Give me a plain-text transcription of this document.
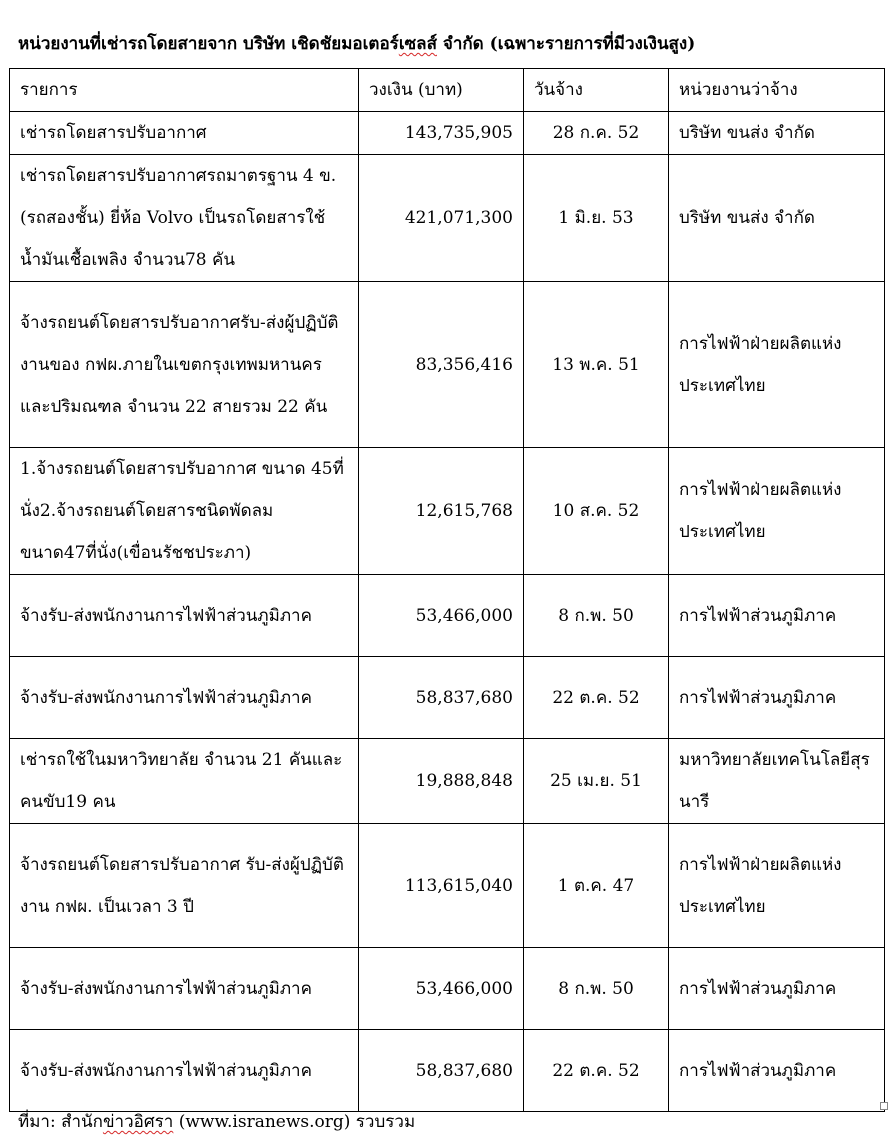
หน่วยงานที่เช่ารถโดยสายจาก บริษัท เชิดชัยมอเตอร์เซลส์ จำกัด (เฉพาะรายการที่มีวงเงินสูง)
รายการ	วงเงิน (บาท)	วันจ้าง	หน่วยงานว่าจ้าง
เช่ารถโดยสารปรับอากาศ	143,735,905	28 ก.ค. 52	บริษัท ขนส่ง จำกัด
เช่ารถโดยสารปรับอากาศรถมาตรฐาน 4 ข.(รถสองชั้น) ยี่ห้อ Volvo เป็นรถโดยสารใช้น้ำมันเชื้อเพลิง จำนวน78 คัน	421,071,300	1 มิ.ย. 53	บริษัท ขนส่ง จำกัด
จ้างรถยนต์โดยสารปรับอากาศรับ-ส่งผู้ปฏิบัติงานของ กฟผ.ภายในเขตกรุงเทพมหานครและปริมณฑล จำนวน 22 สายรวม 22 คัน	83,356,416	13 พ.ค. 51	การไฟฟ้าฝ่ายผลิตแห่งประเทศไทย
1.จ้างรถยนต์โดยสารปรับอากาศ ขนาด 45ที่นั่ง2.จ้างรถยนต์โดยสารชนิดพัดลมขนาด47ที่นั่ง(เขื่อนรัชชประภา)	12,615,768	10 ส.ค. 52	การไฟฟ้าฝ่ายผลิตแห่งประเทศไทย
จ้างรับ-ส่งพนักงานการไฟฟ้าส่วนภูมิภาค	53,466,000	8 ก.พ. 50	การไฟฟ้าส่วนภูมิภาค
จ้างรับ-ส่งพนักงานการไฟฟ้าส่วนภูมิภาค	58,837,680	22 ต.ค. 52	การไฟฟ้าส่วนภูมิภาค
เช่ารถใช้ในมหาวิทยาลัย จำนวน 21 คันและคนขับ19 คน	19,888,848	25 เม.ย. 51	มหาวิทยาลัยเทคโนโลยีสุรนารี
จ้างรถยนต์โดยสารปรับอากาศ รับ-ส่งผู้ปฏิบัติงาน กฟผ. เป็นเวลา 3 ปี	113,615,040	1 ต.ค. 47	การไฟฟ้าฝ่ายผลิตแห่งประเทศไทย
จ้างรับ-ส่งพนักงานการไฟฟ้าส่วนภูมิภาค	53,466,000	8 ก.พ. 50	การไฟฟ้าส่วนภูมิภาค
จ้างรับ-ส่งพนักงานการไฟฟ้าส่วนภูมิภาค	58,837,680	22 ต.ค. 52	การไฟฟ้าส่วนภูมิภาค
ที่มา: สำนักข่าวอิศรา (www.isranews.org) รวบรวม
